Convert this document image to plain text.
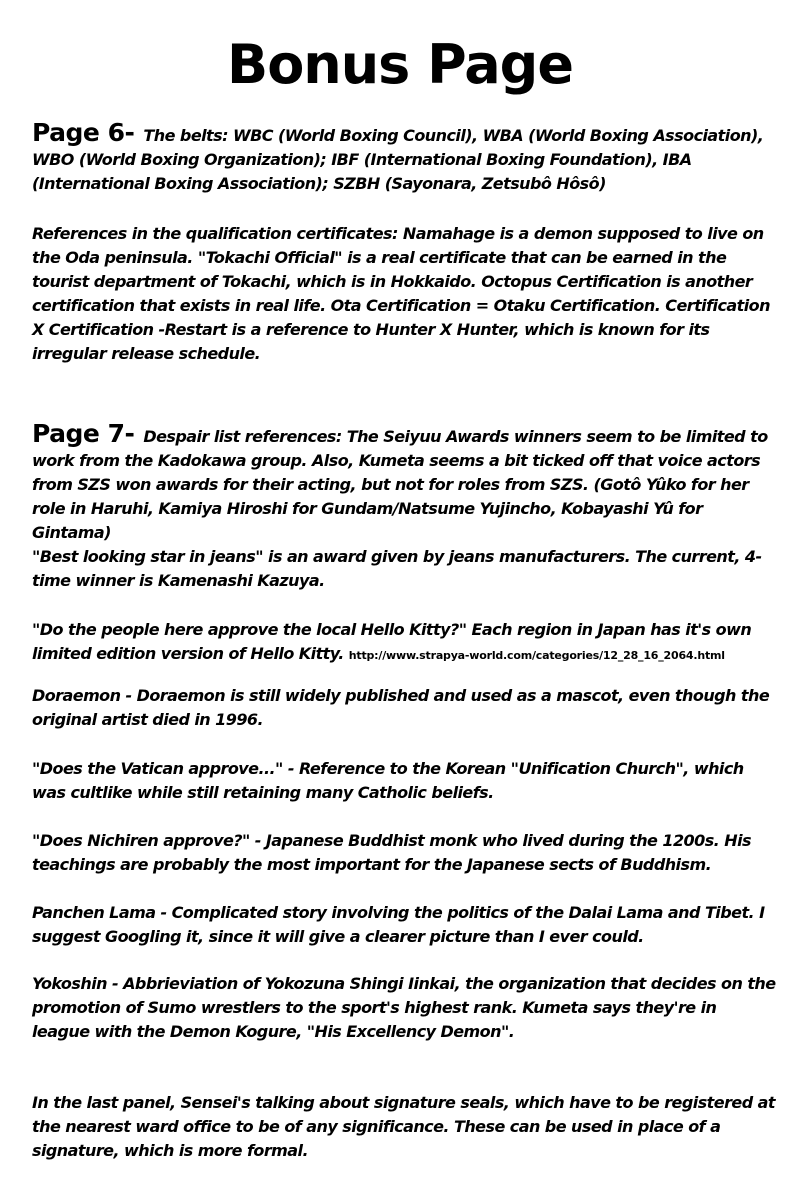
Bonus Page

Page 6- The belts: WBC (World Boxing Council), WBA (World Boxing Association), WBO (World Boxing Organization); IBF (International Boxing Foundation), IBA (International Boxing Association); SZBH (Sayonara, Zetsubô Hôsô)

References in the qualification certificates: Namahage is a demon supposed to live on the Oda peninsula. "Tokachi Official" is a real certificate that can be earned in the tourist department of Tokachi, which is in Hokkaido. Octopus Certification is another certification that exists in real life. Ota Certification = Otaku Certification. Certification X Certification -Restart is a reference to Hunter X Hunter, which is known for its irregular release schedule.

Page 7- Despair list references: The Seiyuu Awards winners seem to be limited to work from the Kadokawa group. Also, Kumeta seems a bit ticked off that voice actors from SZS won awards for their acting, but not for roles from SZS. (Gotô Yûko for her role in Haruhi, Kamiya Hiroshi for Gundam/Natsume Yujincho, Kobayashi Yû for Gintama)

"Best looking star in jeans" is an award given by jeans manufacturers. The current, 4-time winner is Kamenashi Kazuya.

"Do the people here approve the local Hello Kitty?" Each region in Japan has it's own limited edition version of Hello Kitty. http://www.strapya-world.com/categories/12_28_16_2064.html

Doraemon - Doraemon is still widely published and used as a mascot, even though the original artist died in 1996.

"Does the Vatican approve..." - Reference to the Korean "Unification Church", which was cultlike while still retaining many Catholic beliefs.

"Does Nichiren approve?" - Japanese Buddhist monk who lived during the 1200s. His teachings are probably the most important for the Japanese sects of Buddhism.

Panchen Lama - Complicated story involving the politics of the Dalai Lama and Tibet. I suggest Googling it, since it will give a clearer picture than I ever could.

Yokoshin - Abbrieviation of Yokozuna Shingi Iinkai, the organization that decides on the promotion of Sumo wrestlers to the sport's highest rank. Kumeta says they're in league with the Demon Kogure, "His Excellency Demon".

In the last panel, Sensei's talking about signature seals, which have to be registered at the nearest ward office to be of any significance. These can be used in place of a signature, which is more formal.
